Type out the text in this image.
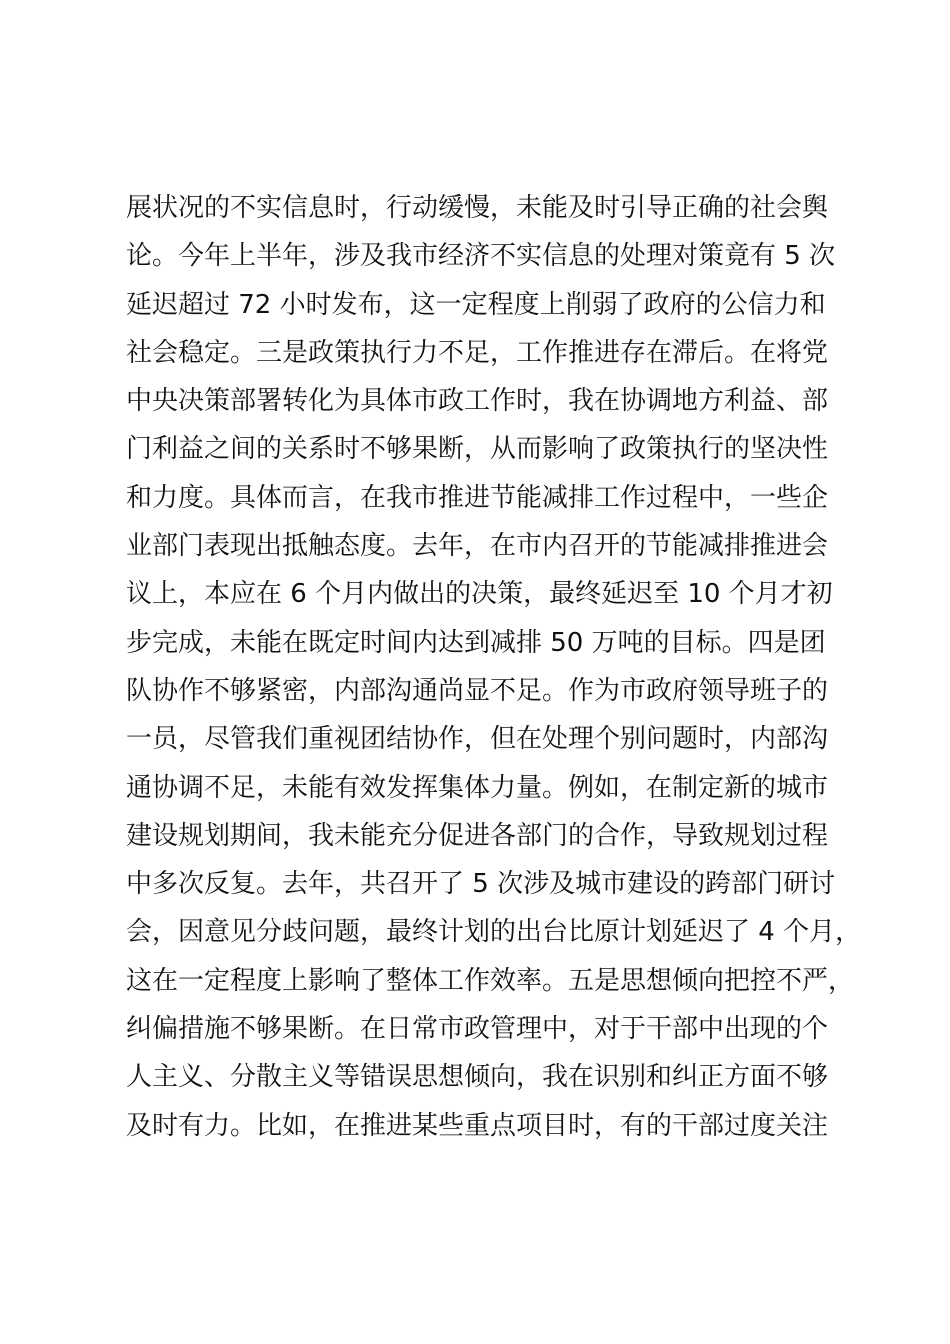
展状况的不实信息时，行动缓慢，未能及时引导正确的社会舆
论。今年上半年，涉及我市经济不实信息的处理对策竟有 5 次
延迟超过 72 小时发布，这一定程度上削弱了政府的公信力和
社会稳定。三是政策执行力不足，工作推进存在滞后。在将党
中央决策部署转化为具体市政工作时，我在协调地方利益、部
门利益之间的关系时不够果断，从而影响了政策执行的坚决性
和力度。具体而言，在我市推进节能减排工作过程中，一些企
业部门表现出抵触态度。去年，在市内召开的节能减排推进会
议上，本应在 6 个月内做出的决策，最终延迟至 10 个月才初
步完成，未能在既定时间内达到减排 50 万吨的目标。四是团
队协作不够紧密，内部沟通尚显不足。作为市政府领导班子的
一员，尽管我们重视团结协作，但在处理个别问题时，内部沟
通协调不足，未能有效发挥集体力量。例如，在制定新的城市
建设规划期间，我未能充分促进各部门的合作，导致规划过程
中多次反复。去年，共召开了 5 次涉及城市建设的跨部门研讨
会，因意见分歧问题，最终计划的出台比原计划延迟了 4 个月，
这在一定程度上影响了整体工作效率。五是思想倾向把控不严，
纠偏措施不够果断。在日常市政管理中，对于干部中出现的个
人主义、分散主义等错误思想倾向，我在识别和纠正方面不够
及时有力。比如，在推进某些重点项目时，有的干部过度关注
